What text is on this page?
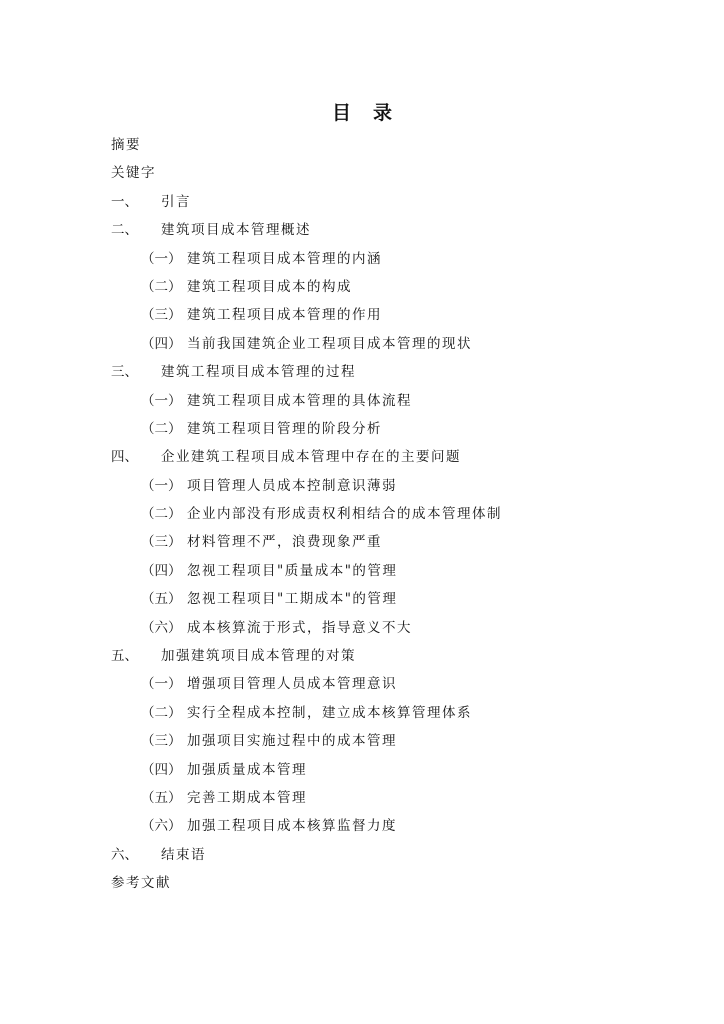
目 录
摘要
关键字
一、 引言
二、 建筑项目成本管理概述
（一） 建筑工程项目成本管理的内涵
（二） 建筑工程项目成本的构成
（三） 建筑工程项目成本管理的作用
（四） 当前我国建筑企业工程项目成本管理的现状
三、 建筑工程项目成本管理的过程
（一） 建筑工程项目成本管理的具体流程
（二） 建筑工程项目管理的阶段分析
四、 企业建筑工程项目成本管理中存在的主要问题
（一） 项目管理人员成本控制意识薄弱
（二） 企业内部没有形成责权利相结合的成本管理体制
（三） 材料管理不严，浪费现象严重
（四） 忽视工程项目"质量成本"的管理
（五） 忽视工程项目"工期成本"的管理
（六） 成本核算流于形式，指导意义不大
五、 加强建筑项目成本管理的对策
（一） 增强项目管理人员成本管理意识
（二） 实行全程成本控制，建立成本核算管理体系
（三） 加强项目实施过程中的成本管理
（四） 加强质量成本管理
（五） 完善工期成本管理
（六） 加强工程项目成本核算监督力度
六、 结束语
参考文献
